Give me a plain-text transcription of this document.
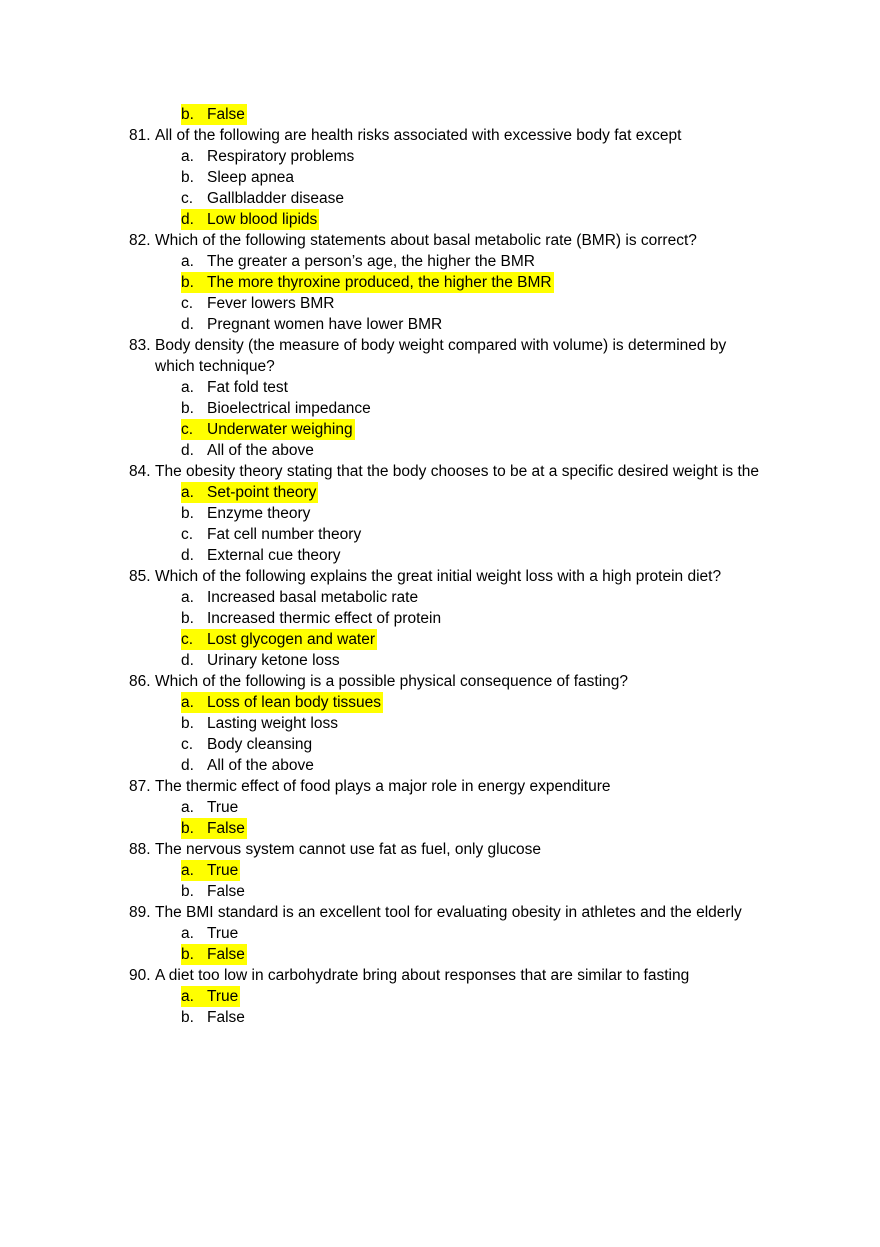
b. False
81. All of the following are health risks associated with excessive body fat except
a. Respiratory problems
b. Sleep apnea
c. Gallbladder disease
d. Low blood lipids
82. Which of the following statements about basal metabolic rate (BMR) is correct?
a. The greater a person’s age, the higher the BMR
b. The more thyroxine produced, the higher the BMR
c. Fever lowers BMR
d. Pregnant women have lower BMR
83. Body density (the measure of body weight compared with volume) is determined by
which technique?
a. Fat fold test
b. Bioelectrical impedance
c. Underwater weighing
d. All of the above
84. The obesity theory stating that the body chooses to be at a specific desired weight is the
a. Set-point theory
b. Enzyme theory
c. Fat cell number theory
d. External cue theory
85. Which of the following explains the great initial weight loss with a high protein diet?
a. Increased basal metabolic rate
b. Increased thermic effect of protein
c. Lost glycogen and water
d. Urinary ketone loss
86. Which of the following is a possible physical consequence of fasting?
a. Loss of lean body tissues
b. Lasting weight loss
c. Body cleansing
d. All of the above
87. The thermic effect of food plays a major role in energy expenditure
a. True
b. False
88. The nervous system cannot use fat as fuel, only glucose
a. True
b. False
89. The BMI standard is an excellent tool for evaluating obesity in athletes and the elderly
a. True
b. False
90. A diet too low in carbohydrate bring about responses that are similar to fasting
a. True
b. False
